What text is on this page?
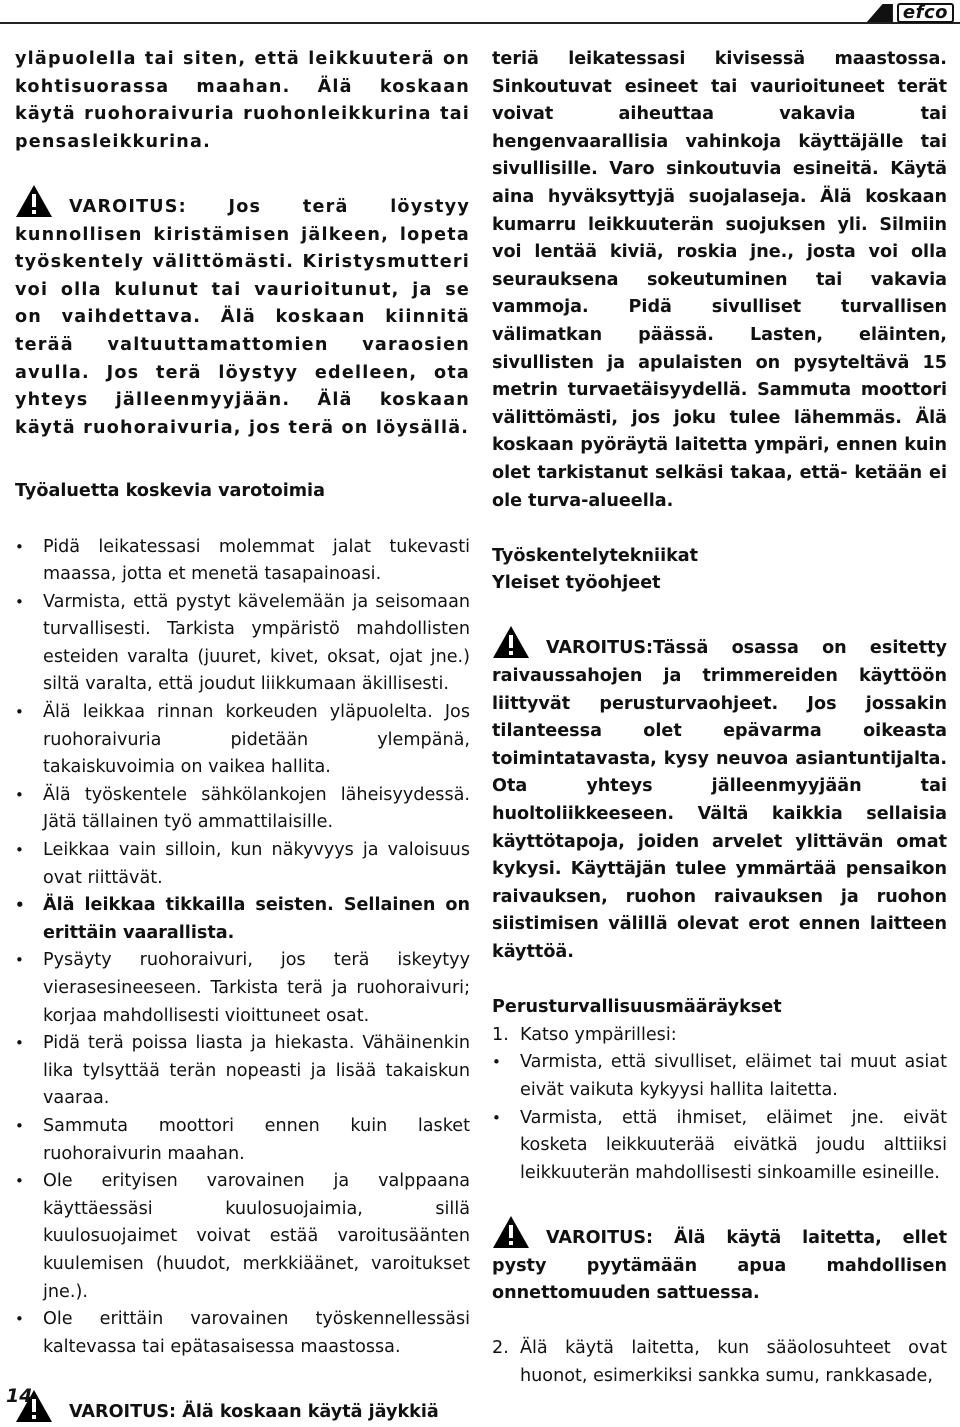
efco

yläpuolella tai siten, että leikkuuterä on kohtisuorassa maahan. Älä koskaan käytä ruohoraivuria ruohonleikkurina tai pensasleikkurina.

VAROITUS: Jos terä löystyy kunnollisen kiristämisen jälkeen, lopeta työskentely välittömästi. Kiristysmutteri voi olla kulunut tai vaurioitunut, ja se on vaihdettava. Älä koskaan kiinnitä terää valtuuttamattomien varaosien avulla. Jos terä löystyy edelleen, ota yhteys jälleenmyyjään. Älä koskaan käytä ruohoraivuria, jos terä on löysällä.

Työaluetta koskevia varotoimia

• Pidä leikatessasi molemmat jalat tukevasti maassa, jotta et menetä tasapainoasi.
• Varmista, että pystyt kävelemään ja seisomaan turvallisesti. Tarkista ympäristö mahdollisten esteiden varalta (juuret, kivet, oksat, ojat jne.) siltä varalta, että joudut liikkumaan äkillisesti.
• Älä leikkaa rinnan korkeuden yläpuolelta. Jos ruohoraivuria pidetään ylempänä, takaiskuvoimia on vaikea hallita.
• Älä työskentele sähkölankojen läheisyydessä. Jätä tällainen työ ammattilaisille.
• Leikkaa vain silloin, kun näkyvyys ja valoisuus ovat riittävät.
• Älä leikkaa tikkailla seisten. Sellainen on erittäin vaarallista.
• Pysäyty ruohoraivuri, jos terä iskeytyy vierasesineeseen. Tarkista terä ja ruohoraivuri; korjaa mahdollisesti vioittuneet osat.
• Pidä terä poissa liasta ja hiekasta. Vähäinenkin lika tylsyttää terän nopeasti ja lisää takaiskun vaaraa.
• Sammuta moottori ennen kuin lasket ruohoraivurin maahan.
• Ole erityisen varovainen ja valppaana käyttäessäsi kuulosuojaimia, sillä kuulosuojaimet voivat estää varoitusäänten kuulemisen (huudot, merkkiäänet, varoitukset jne.).
• Ole erittäin varovainen työskennellessäsi kaltevassa tai epätasaisessa maastossa.

VAROITUS: Älä koskaan käytä jäykkiä

teriä leikatessasi kivisessä maastossa. Sinkoutuvat esineet tai vaurioituneet terät voivat aiheuttaa vakavia tai hengenvaarallisia vahinkoja käyttäjälle tai sivullisille. Varo sinkoutuvia esineitä. Käytä aina hyväksyttyjä suojalaseja. Älä koskaan kumarru leikkuuterän suojuksen yli. Silmiin voi lentää kiviä, roskia jne., josta voi olla seurauksena sokeutuminen tai vakavia vammoja. Pidä sivulliset turvallisen välimatkan päässä. Lasten, eläinten, sivullisten ja apulaisten on pysyteltävä 15 metrin turvaetäisyydellä. Sammuta moottori välittömästi, jos joku tulee lähemmäs. Älä koskaan pyöräytä laitetta ympäri, ennen kuin olet tarkistanut selkäsi takaa, että- ketään ei ole turva-alueella.

Työskentelytekniikat

Yleiset työohjeet

VAROITUS:Tässä osassa on esitetty raivaussahojen ja trimmereiden käyttöön liittyvät perusturvaohjeet. Jos jossakin tilanteessa olet epävarma oikeasta toimintatavasta, kysy neuvoa asiantuntijalta. Ota yhteys jälleenmyyjään tai huoltoliikkeeseen. Vältä kaikkia sellaisia käyttötapoja, joiden arvelet ylittävän omat kykysi. Käyttäjän tulee ymmärtää pensaikon raivauksen, ruohon raivauksen ja ruohon siistimisen välillä olevat erot ennen laitteen käyttöä.

Perusturvallisuusmääräykset

1. Katso ympärillesi:
• Varmista, että sivulliset, eläimet tai muut asiat eivät vaikuta kykyysi hallita laitetta.
• Varmista, että ihmiset, eläimet jne. eivät kosketa leikkuuterää eivätkä joudu alttiiksi leikkuuterän mahdollisesti sinkoamille esineille.

VAROITUS: Älä käytä laitetta, ellet pysty pyytämään apua mahdollisen onnettomuuden sattuessa.

2. Älä käytä laitetta, kun sääolosuhteet ovat huonot, esimerkiksi sankka sumu, rankkasade,
14
